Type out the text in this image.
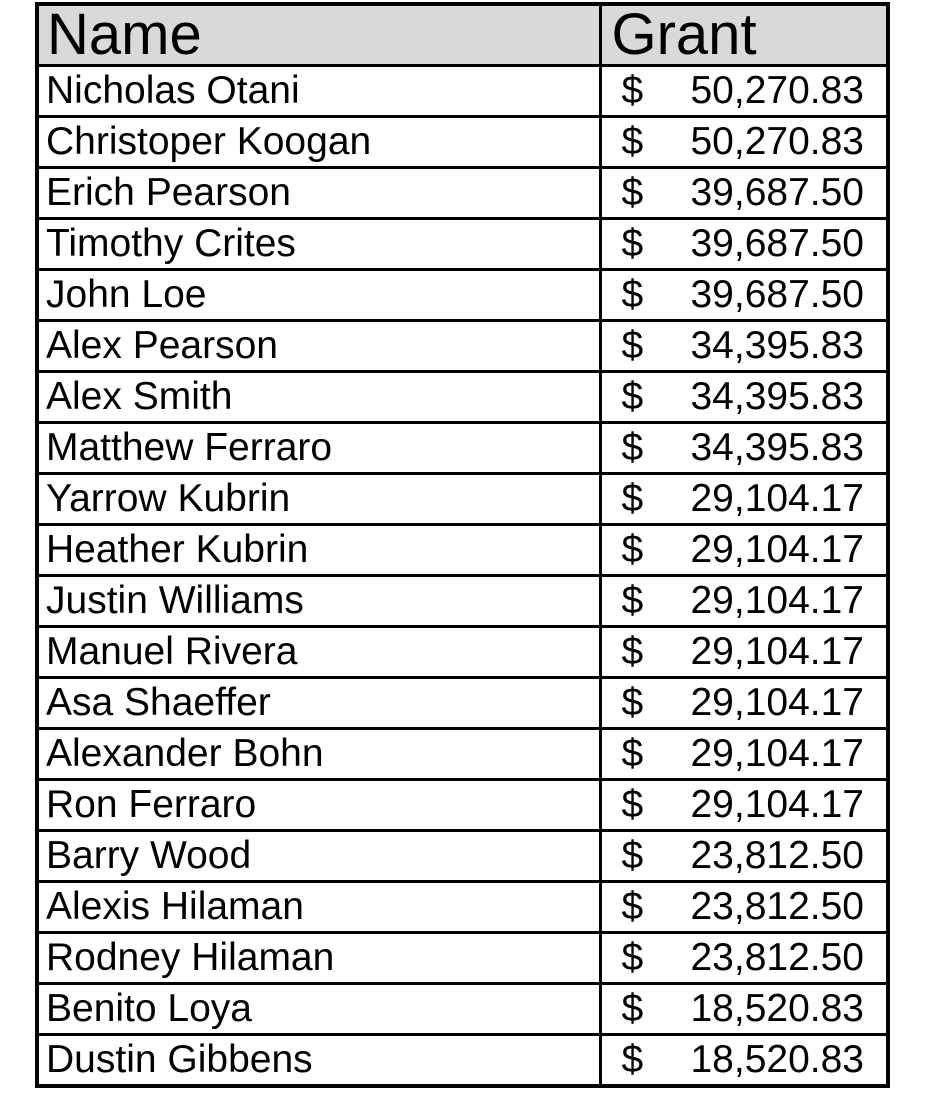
Name	Grant
Nicholas Otani	$ 50,270.83

Christoper Koogan	$ 50,270.83

Erich Pearson	$ 39,687.50

Timothy Crites	$ 39,687.50

John Loe	$ 39,687.50

Alex Pearson	$ 34,395.83

Alex Smith	$ 34,395.83

Matthew Ferraro	$ 34,395.83

Yarrow Kubrin	$ 29,104.17

Heather Kubrin	$ 29,104.17

Justin Williams	$ 29,104.17

Manuel Rivera	$ 29,104.17

Asa Shaeffer	$ 29,104.17

Alexander Bohn	$ 29,104.17

Ron Ferraro	$ 29,104.17

Barry Wood	$ 23,812.50

Alexis Hilaman	$ 23,812.50

Rodney Hilaman	$ 23,812.50

Benito Loya	$ 18,520.83

Dustin Gibbens	$ 18,520.83
